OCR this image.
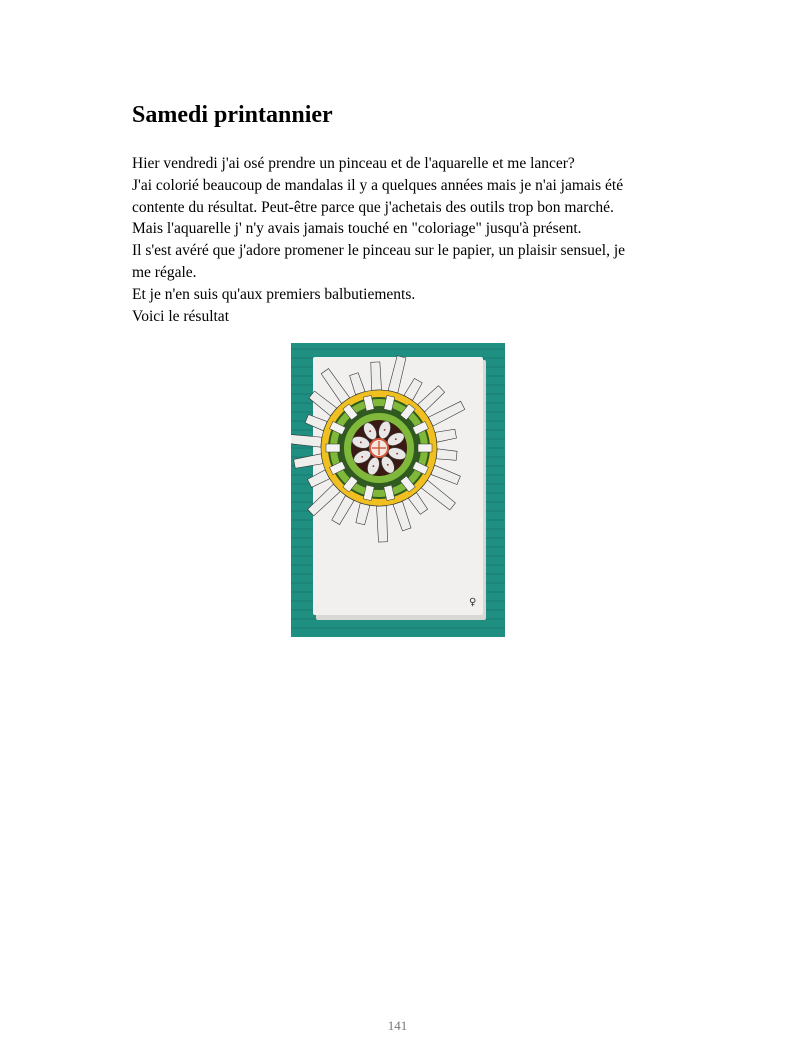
Samedi printannier
Hier vendredi j'ai osé prendre un pinceau et de l'aquarelle et me lancer?
J'ai colorié beaucoup de mandalas il y a quelques années mais je n'ai jamais été
contente du résultat. Peut-être parce que j'achetais des outils trop bon marché.
Mais l'aquarelle j' n'y avais jamais touché en "coloriage" jusqu'à présent.
Il s'est avéré que j'adore promener le pinceau sur le papier, un plaisir sensuel, je
me régale.
Et je n'en suis qu'aux premiers balbutiements.
Voici le résultat
♀
141
